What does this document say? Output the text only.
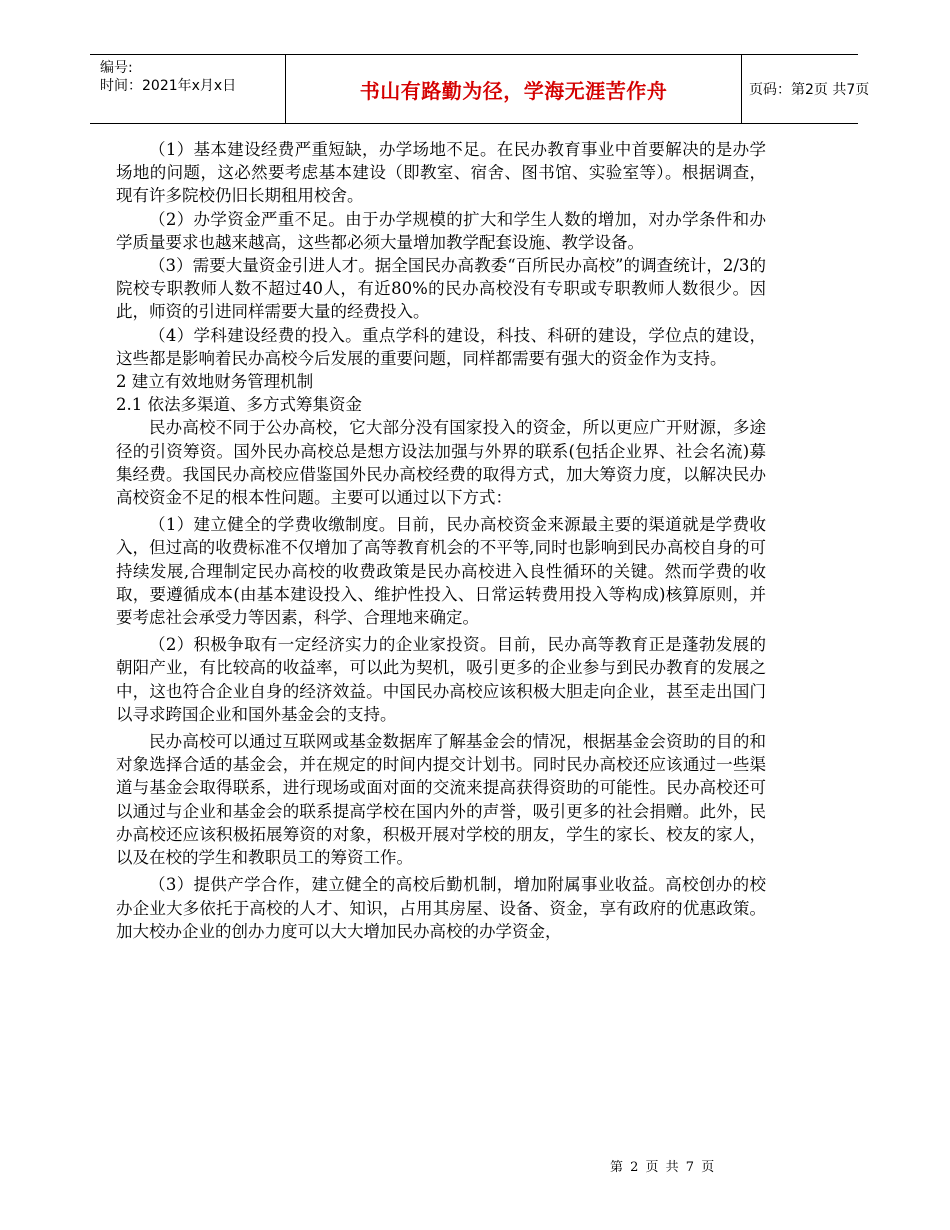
编号:
时间：2021年x月x日	书山有路勤为径，学海无涯苦作舟	页码：第2页 共7页

（1）基本建设经费严重短缺，办学场地不足。在民办教育事业中首要解决的是办学场地的问题，这必然要考虑基本建设（即教室、宿舍、图书馆、实验室等）。根据调查，现有许多院校仍旧长期租用校舍。

（2）办学资金严重不足。由于办学规模的扩大和学生人数的增加，对办学条件和办学质量要求也越来越高，这些都必须大量增加教学配套设施、教学设备。

（3）需要大量资金引进人才。据全国民办高教委“百所民办高校”的调查统计，2/3的院校专职教师人数不超过40人，有近80%的民办高校没有专职或专职教师人数很少。因此，师资的引进同样需要大量的经费投入。

（4）学科建设经费的投入。重点学科的建设，科技、科研的建设，学位点的建设，这些都是影响着民办高校今后发展的重要问题，同样都需要有强大的资金作为支持。

2 建立有效地财务管理机制

2.1 依法多渠道、多方式筹集资金

民办高校不同于公办高校，它大部分没有国家投入的资金，所以更应广开财源，多途径的引资筹资。国外民办高校总是想方设法加强与外界的联系(包括企业界、社会名流)募集经费。我国民办高校应借鉴国外民办高校经费的取得方式，加大筹资力度，以解决民办高校资金不足的根本性问题。主要可以通过以下方式：

（1）建立健全的学费收缴制度。目前，民办高校资金来源最主要的渠道就是学费收入，但过高的收费标准不仅增加了高等教育机会的不平等,同时也影响到民办高校自身的可持续发展,合理制定民办高校的收费政策是民办高校进入良性循环的关键。然而学费的收取，要遵循成本(由基本建设投入、维护性投入、日常运转费用投入等构成)核算原则，并要考虑社会承受力等因素，科学、合理地来确定。

（2）积极争取有一定经济实力的企业家投资。目前，民办高等教育正是蓬勃发展的朝阳产业，有比较高的收益率，可以此为契机，吸引更多的企业参与到民办教育的发展之中，这也符合企业自身的经济效益。中国民办高校应该积极大胆走向企业，甚至走出国门以寻求跨国企业和国外基金会的支持。

民办高校可以通过互联网或基金数据库了解基金会的情况，根据基金会资助的目的和对象选择合适的基金会，并在规定的时间内提交计划书。同时民办高校还应该通过一些渠道与基金会取得联系，进行现场或面对面的交流来提高获得资助的可能性。民办高校还可以通过与企业和基金会的联系提高学校在国内外的声誉，吸引更多的社会捐赠。此外，民办高校还应该积极拓展筹资的对象，积极开展对学校的朋友，学生的家长、校友的家人，以及在校的学生和教职员工的筹资工作。

（3）提供产学合作，建立健全的高校后勤机制，增加附属事业收益。高校创办的校办企业大多依托于高校的人才、知识，占用其房屋、设备、资金，享有政府的优惠政策。加大校办企业的创办力度可以大大增加民办高校的办学资金，

第 2 页 共 7 页
